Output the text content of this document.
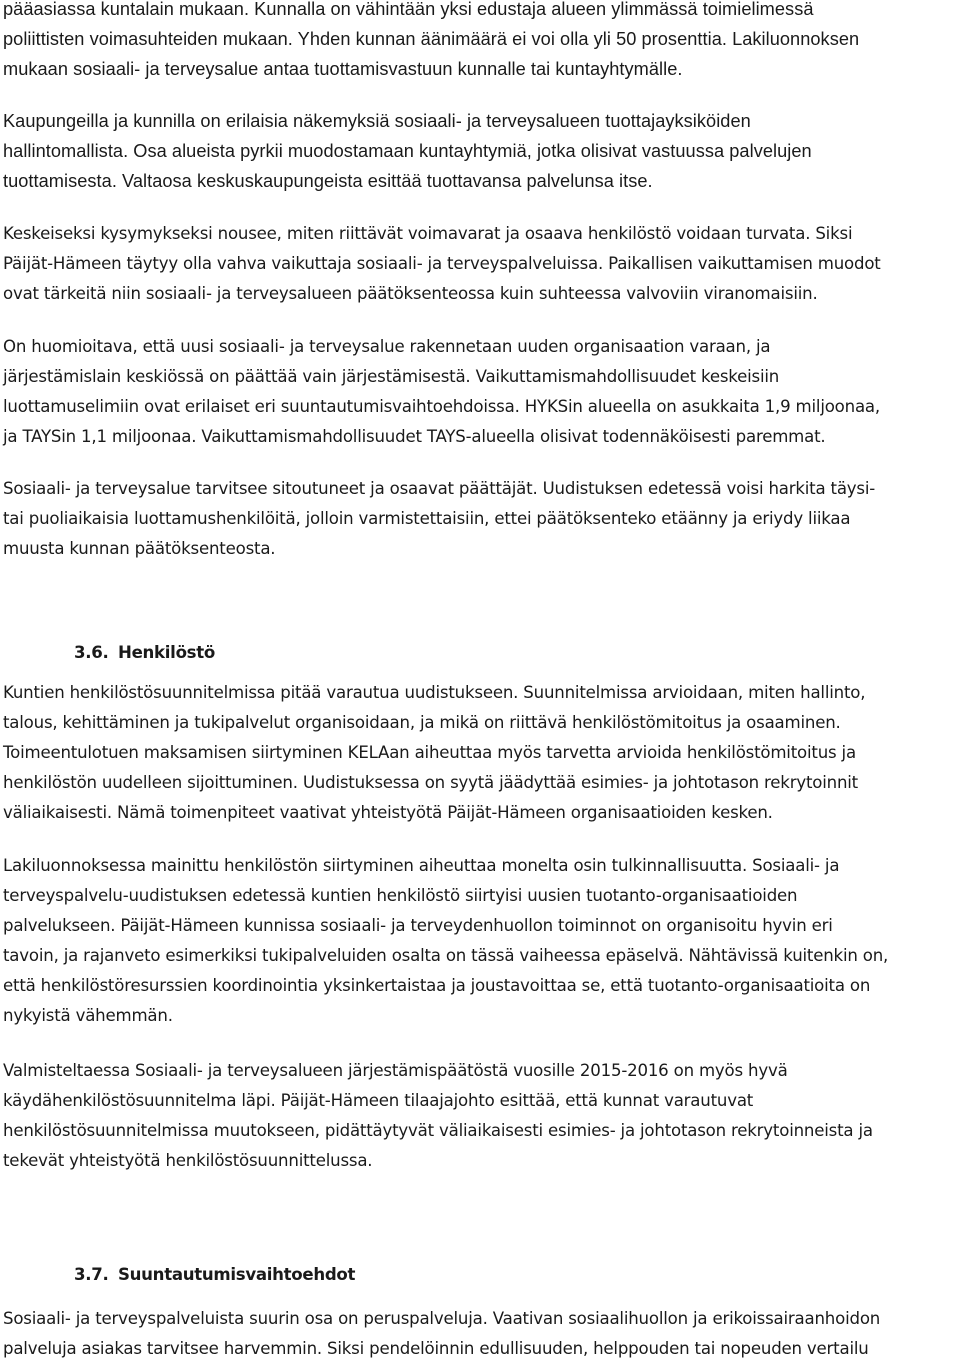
pääasiassa kuntalain mukaan. Kunnalla on vähintään yksi edustaja alueen ylimmässä toimielimessä
poliittisten voimasuhteiden mukaan. Yhden kunnan äänimäärä ei voi olla yli 50 prosenttia. Lakiluonnoksen
mukaan sosiaali- ja terveysalue antaa tuottamisvastuun kunnalle tai kuntayhtymälle.

Kaupungeilla ja kunnilla on erilaisia näkemyksiä sosiaali- ja terveysalueen tuottajayksiköiden
hallintomallista. Osa alueista pyrkii muodostamaan kuntayhtymiä, jotka olisivat vastuussa palvelujen
tuottamisesta. Valtaosa keskuskaupungeista esittää tuottavansa palvelunsa itse.

Keskeiseksi kysymykseksi nousee, miten riittävät voimavarat ja osaava henkilöstö voidaan turvata. Siksi
Päijät-Hämeen täytyy olla vahva vaikuttaja sosiaali- ja terveyspalveluissa. Paikallisen vaikuttamisen muodot
ovat tärkeitä niin sosiaali- ja terveysalueen päätöksenteossa kuin suhteessa valvoviin viranomaisiin.

On huomioitava, että uusi sosiaali- ja terveysalue rakennetaan uuden organisaation varaan, ja
järjestämislain keskiössä on päättää vain järjestämisestä. Vaikuttamismahdollisuudet keskeisiin
luottamuselimiin ovat erilaiset eri suuntautumisvaihtoehdoissa. HYKSin alueella on asukkaita 1,9 miljoonaa,
ja TAYSin 1,1 miljoonaa. Vaikuttamismahdollisuudet TAYS-alueella olisivat todennäköisesti paremmat.

Sosiaali- ja terveysalue tarvitsee sitoutuneet ja osaavat päättäjät. Uudistuksen edetessä voisi harkita täysi-
tai puoliaikaisia luottamushenkilöitä, jolloin varmistettaisiin, ettei päätöksenteko etäänny ja eriydy liikaa
muusta kunnan päätöksenteosta.

3.6. Henkilöstö

Kuntien henkilöstösuunnitelmissa pitää varautua uudistukseen. Suunnitelmissa arvioidaan, miten hallinto,
talous, kehittäminen ja tukipalvelut organisoidaan, ja mikä on riittävä henkilöstömitoitus ja osaaminen.
Toimeentulotuen maksamisen siirtyminen KELAan aiheuttaa myös tarvetta arvioida henkilöstömitoitus ja
henkilöstön uudelleen sijoittuminen. Uudistuksessa on syytä jäädyttää esimies- ja johtotason rekrytoinnit
väliaikaisesti. Nämä toimenpiteet vaativat yhteistyötä Päijät-Hämeen organisaatioiden kesken.

Lakiluonnoksessa mainittu henkilöstön siirtyminen aiheuttaa monelta osin tulkinnallisuutta. Sosiaali- ja
terveyspalvelu-uudistuksen edetessä kuntien henkilöstö siirtyisi uusien tuotanto-organisaatioiden
palvelukseen. Päijät-Hämeen kunnissa sosiaali- ja terveydenhuollon toiminnot on organisoitu hyvin eri
tavoin, ja rajanveto esimerkiksi tukipalveluiden osalta on tässä vaiheessa epäselvä. Nähtävissä kuitenkin on,
että henkilöstöresurssien koordinointia yksinkertaistaa ja joustavoittaa se, että tuotanto-organisaatioita on
nykyistä vähemmän.

Valmisteltaessa Sosiaali- ja terveysalueen järjestämispäätöstä vuosille 2015-2016 on myös hyvä
käydähenkilöstösuunnitelma läpi. Päijät-Hämeen tilaajajohto esittää, että kunnat varautuvat
henkilöstösuunnitelmissa muutokseen, pidättäytyvät väliaikaisesti esimies- ja johtotason rekrytoinneista ja
tekevät yhteistyötä henkilöstösuunnittelussa.

3.7. Suuntautumisvaihtoehdot

Sosiaali- ja terveyspalveluista suurin osa on peruspalveluja. Vaativan sosiaalihuollon ja erikoissairaanhoidon
palveluja asiakas tarvitsee harvemmin. Siksi pendelöinnin edullisuuden, helppouden tai nopeuden vertailu
